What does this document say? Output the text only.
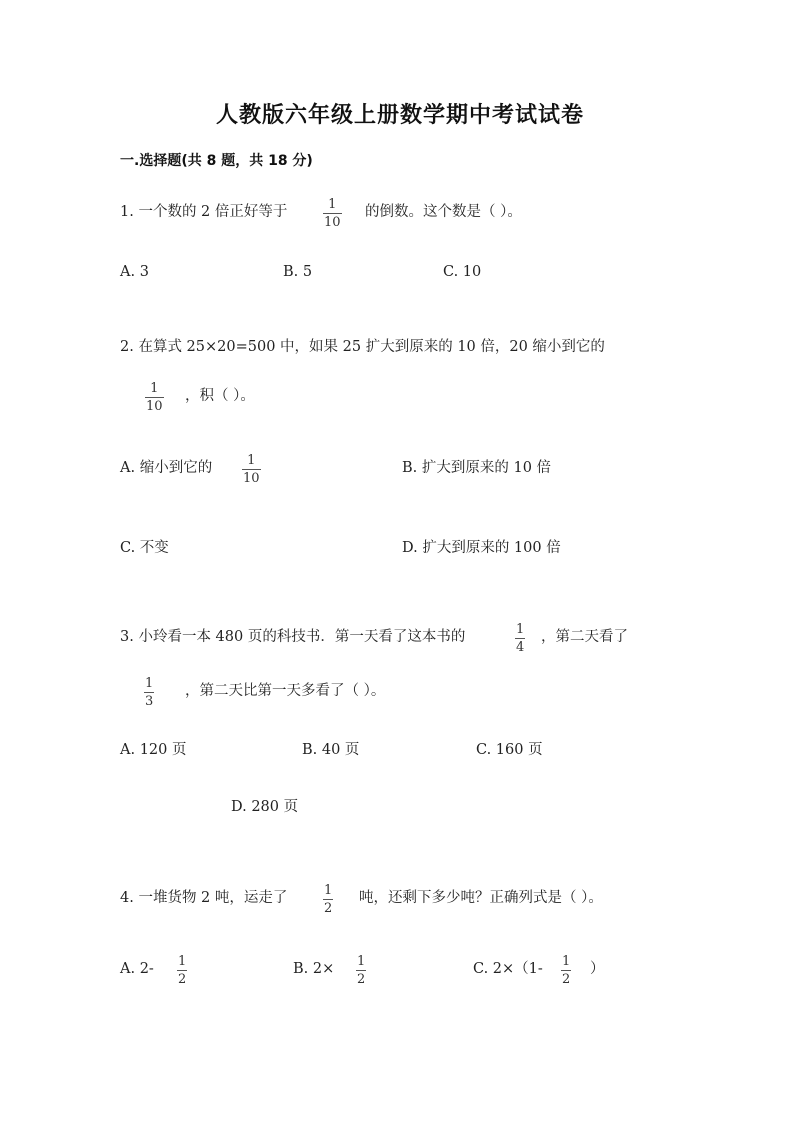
人教版六年级上册数学期中考试试卷
一.选择题(共 8 题，共 18 分)
1. 一个数的 2 倍正好等于	1
10
的倒数。这个数是（ ）。
A. 3	B. 5	C. 10
2. 在算式 25×20=500 中，如果 25 扩大到原来的 10 倍，20 缩小到它的
1
10
，积（ ）。
A. 缩小到它的	1
10
B. 扩大到原来的 10 倍
C. 不变	D. 扩大到原来的 100 倍
3. 小玲看一本 480 页的科技书．第一天看了这本书的	1
4
，第二天看了
1
3
，第二天比第一天多看了（ ）。
A. 120 页	B. 40 页	C. 160 页
D. 280 页
4. 一堆货物 2 吨，运走了	1
2
吨，还剩下多少吨？正确列式是（ ）。
A. 2- 1
2
B. 2× 1
2
C. 2×（1- 1
2
）
